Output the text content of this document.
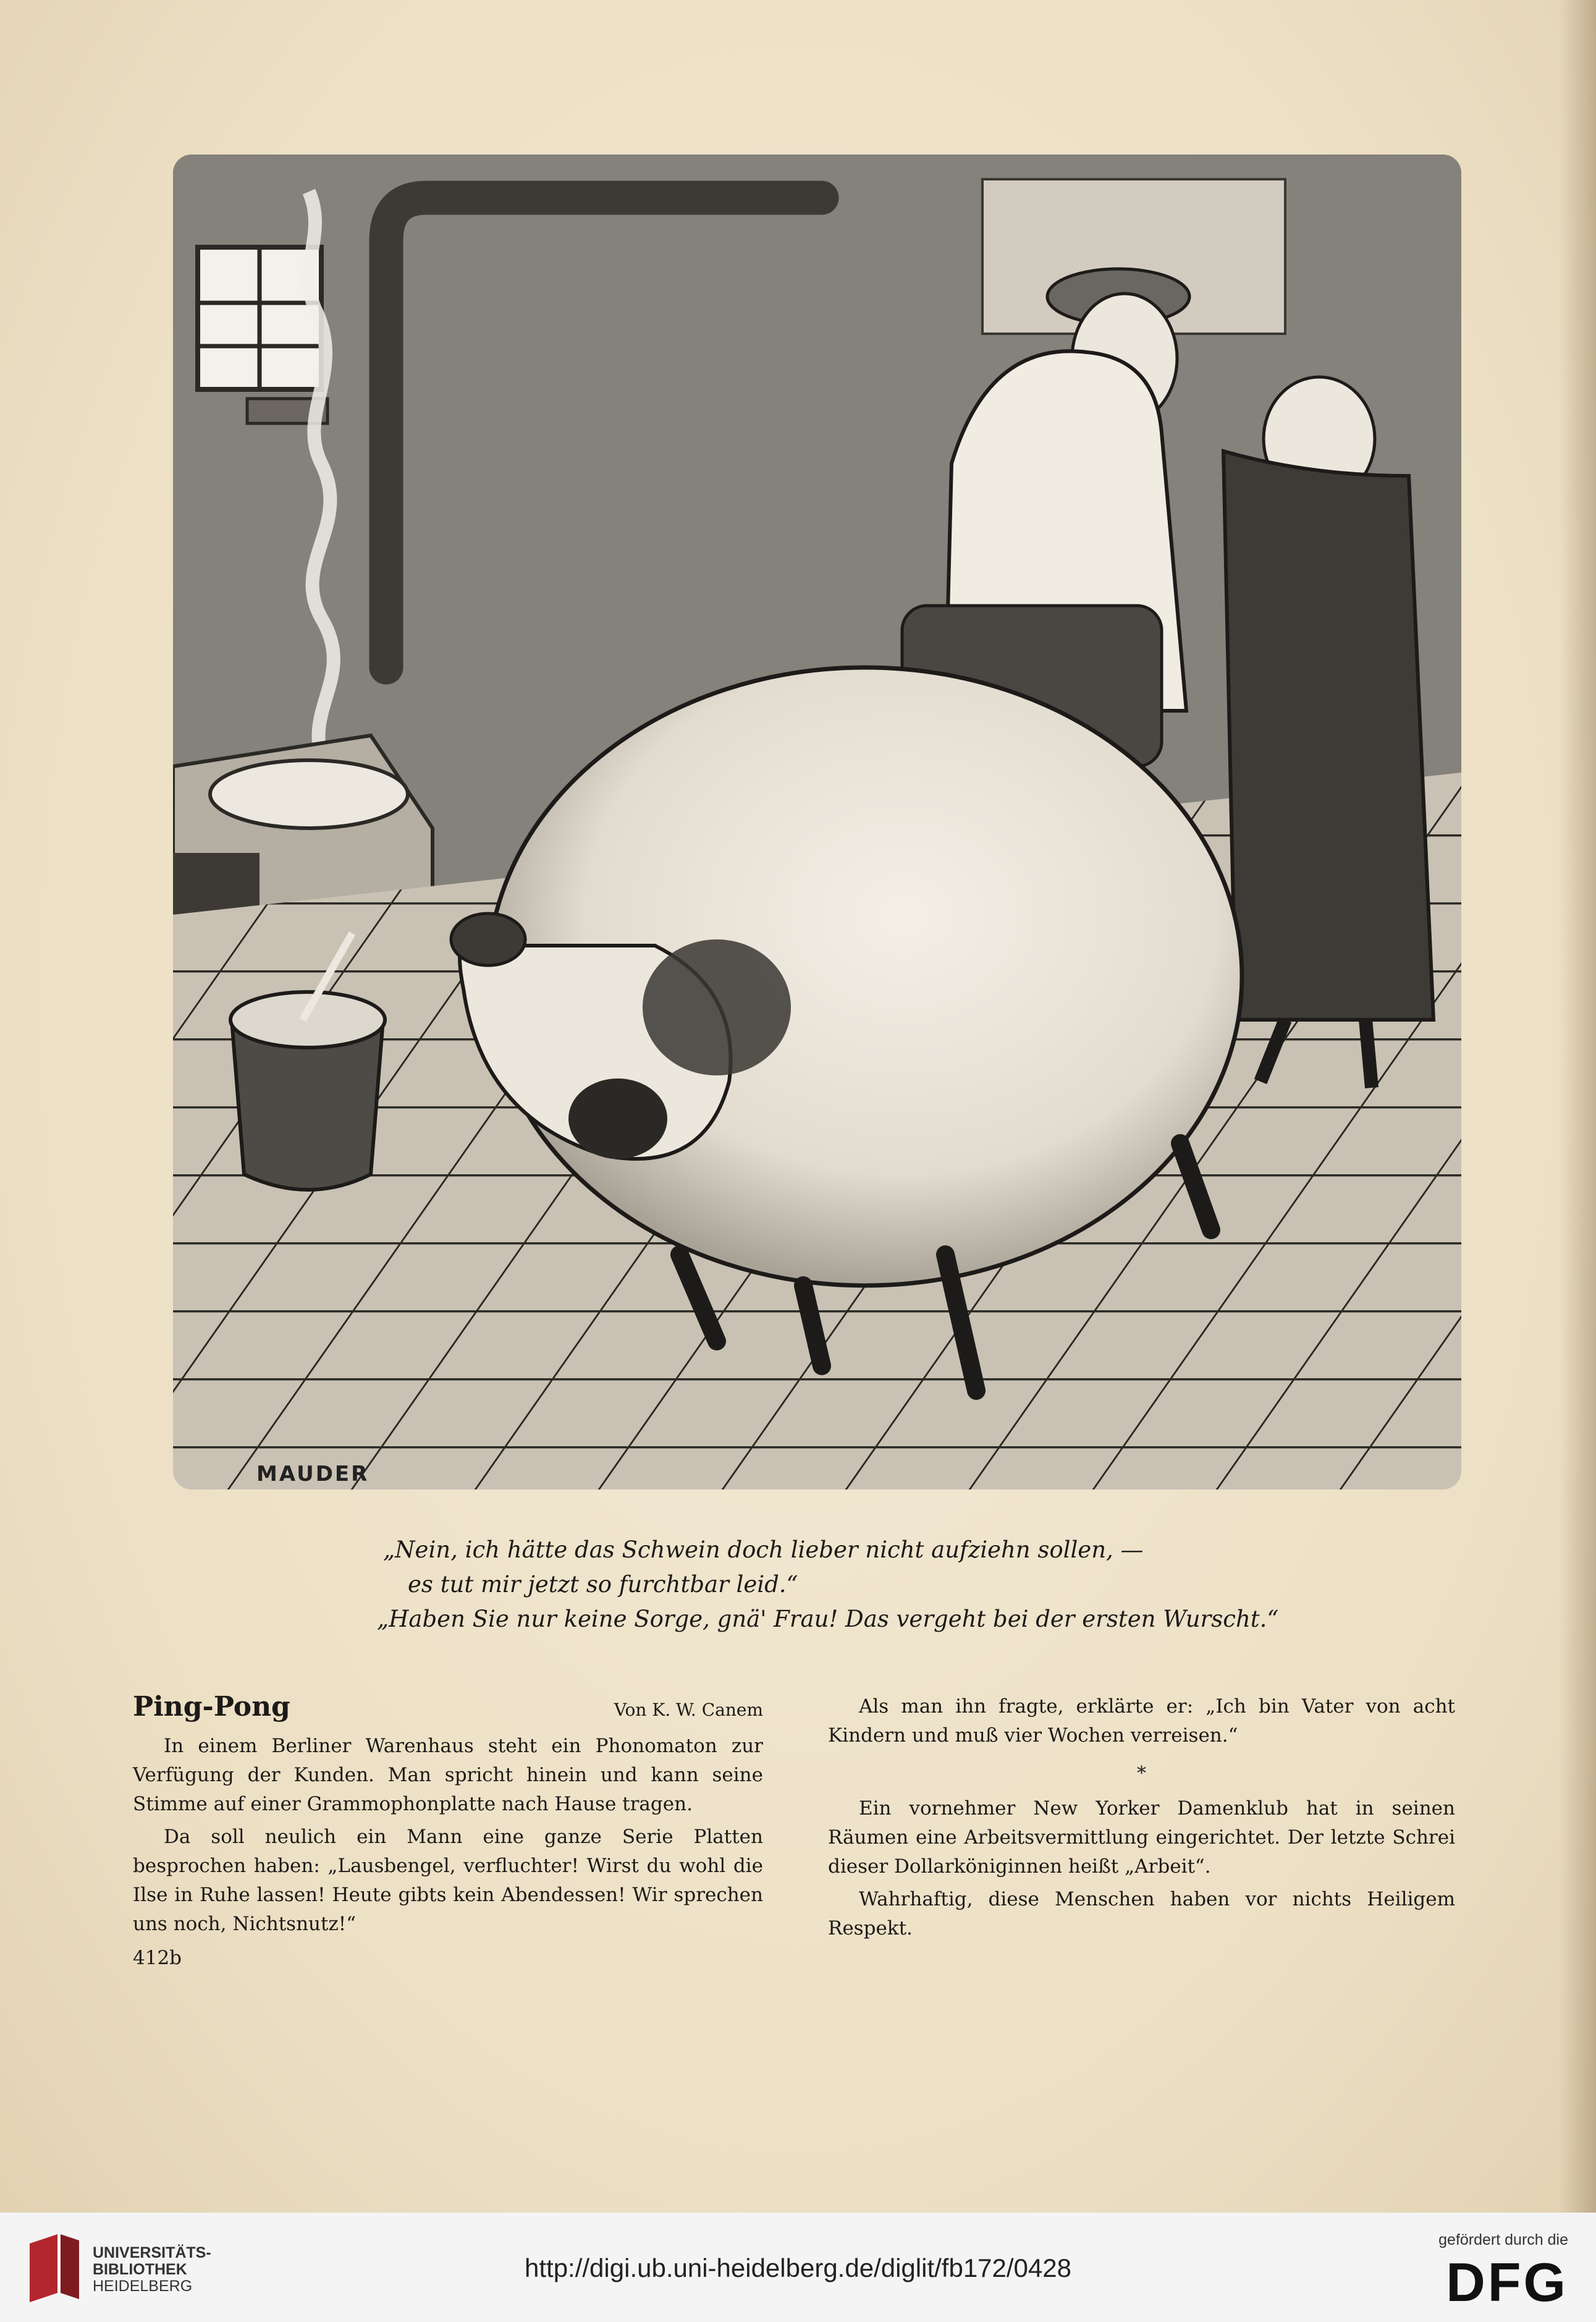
MAUDER
„Nein, ich hätte das Schwein doch lieber nicht aufziehn sollen, —
es tut mir jetzt so furchtbar leid.“
„Haben Sie nur keine Sorge, gnä' Frau! Das vergeht bei der ersten Wurscht.“
Ping-Pong	Von K. W. Canem

In einem Berliner Warenhaus steht ein Phonomaton zur Verfügung der Kunden. Man spricht hinein und kann seine Stimme auf einer Grammophonplatte nach Hause tragen.

Da soll neulich ein Mann eine ganze Serie Platten besprochen haben: „Lausbengel, verfluchter! Wirst du wohl die Ilse in Ruhe lassen! Heute gibts kein Abendessen! Wir sprechen uns noch, Nichtsnutz!“

412b

Als man ihn fragte, erklärte er: „Ich bin Vater von acht Kindern und muß vier Wochen verreisen.“

*

Ein vornehmer New Yorker Damenklub hat in seinen Räumen eine Arbeitsvermittlung eingerichtet. Der letzte Schrei dieser Dollarköniginnen heißt „Arbeit“.

Wahrhaftig, diese Menschen haben vor nichts Heiligem Respekt.

UNIVERSITÄTS-
BIBLIOTHEK
HEIDELBERG
http://digi.ub.uni-heidelberg.de/diglit/fb172/0428
gefördert durch die
DFG
